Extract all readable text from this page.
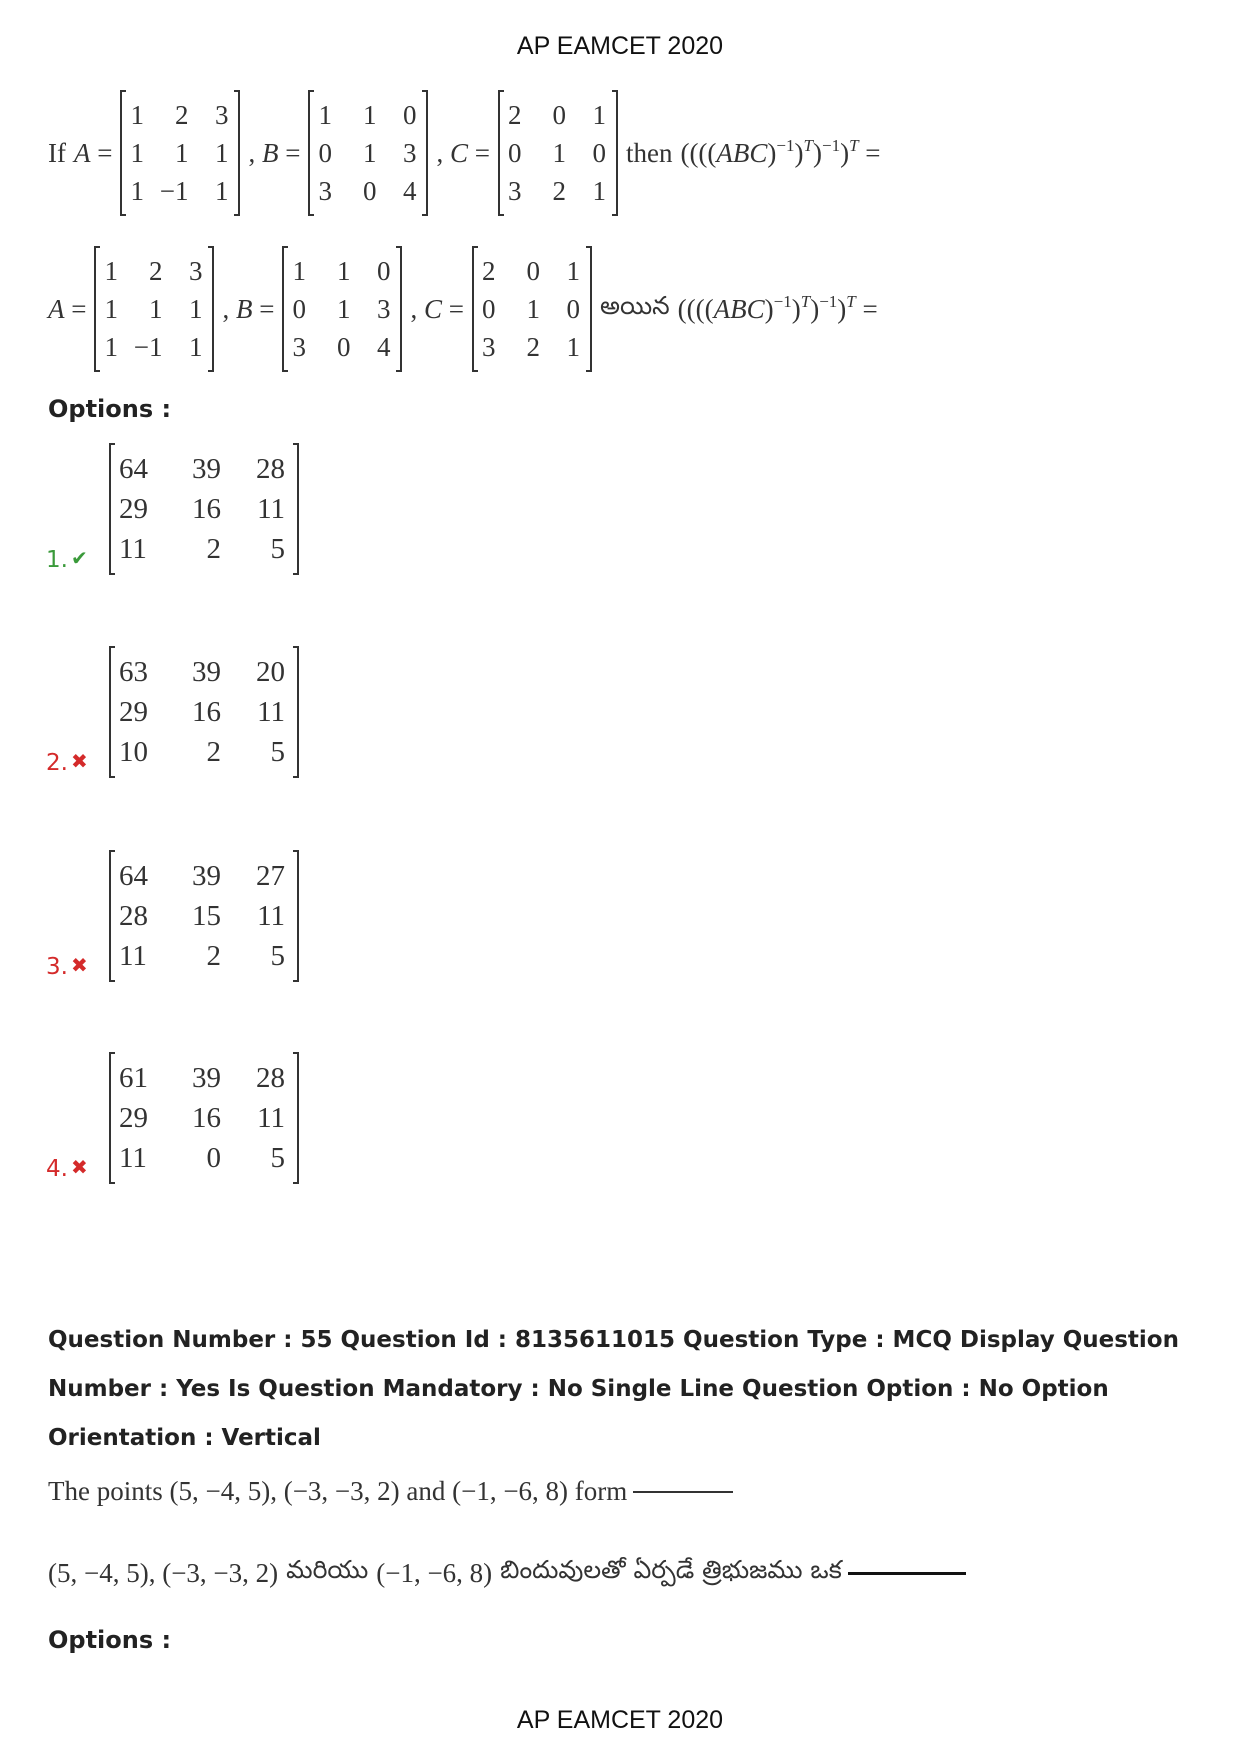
AP EAMCET 2020
If A =
1	2	3
1	1	1
1	−1	1
, B =
1	1	0
0	1	3
3	0	4
, C =
2	0	1
0	1	0
3	2	1
then $((((ABC)^{-1})^T)^{-1})^T$ =
A =
1	2	3
1	1	1
1	−1	1
, B =
1	1	0
0	1	3
3	0	4
, C =
2	0	1
0	1	0
3	2	1
అయిన $((((ABC)^{-1})^T)^{-1})^T$ =
Options :
1. ✔
64	39	28
29	16	11
11	2	5
2. ✖
63	39	20
29	16	11
10	2	5
3. ✖
64	39	27
28	15	11
11	2	5
4. ✖
61	39	28
29	16	11
11	0	5
Question Number : 55 Question Id : 8135611015 Question Type : MCQ Display Question
Number : Yes Is Question Mandatory : No Single Line Question Option : No Option
Orientation : Vertical
The points (5, −4, 5), (−3, −3, 2) and (−1, −6, 8) form
(5, −4, 5), (−3, −3, 2) మరియు (−1, −6, 8) బిందువులతో ఏర్పడే త్రిభుజము ఒక
Options :
AP EAMCET 2020
